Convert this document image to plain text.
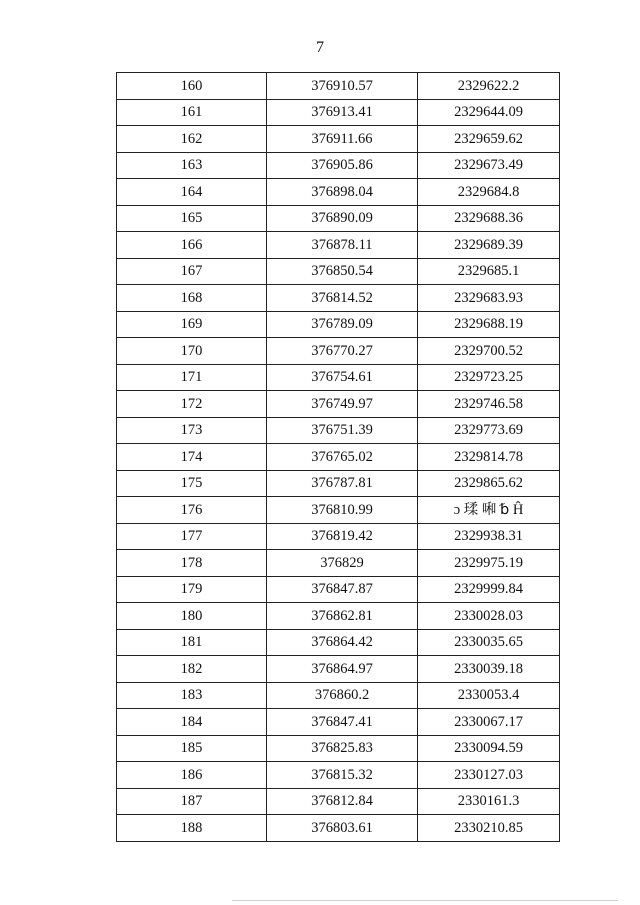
7
160	376910.57	2329622.2
161	376913.41	2329644.09
162	376911.66	2329659.62
163	376905.86	2329673.49
164	376898.04	2329684.8
165	376890.09	2329688.36
166	376878.11	2329689.39
167	376850.54	2329685.1
168	376814.52	2329683.93
169	376789.09	2329688.19
170	376770.27	2329700.52
171	376754.61	2329723.25
172	376749.97	2329746.58
173	376751.39	2329773.69
174	376765.02	2329814.78
175	376787.81	2329865.62
176	376810.99	ɔ 瑈 啝 ␢ Ĥ
177	376819.42	2329938.31
178	376829	2329975.19
179	376847.87	2329999.84
180	376862.81	2330028.03
181	376864.42	2330035.65
182	376864.97	2330039.18
183	376860.2	2330053.4
184	376847.41	2330067.17
185	376825.83	2330094.59
186	376815.32	2330127.03
187	376812.84	2330161.3
188	376803.61	2330210.85
